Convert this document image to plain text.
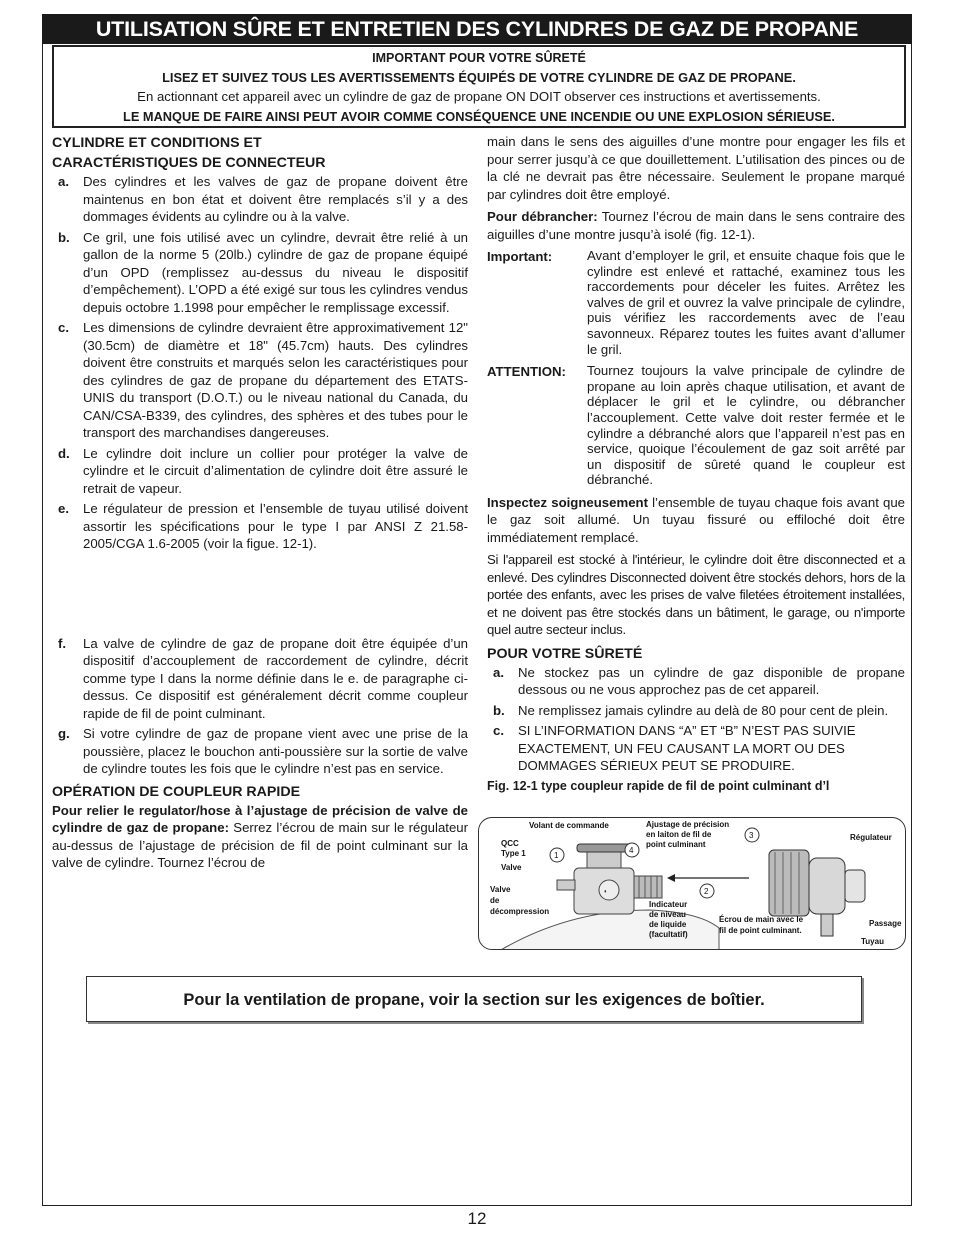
UTILISATION SÛRE ET ENTRETIEN DES CYLINDRES DE GAZ DE PROPANE
IMPORTANT POUR VOTRE SÛRETÉ
LISEZ ET SUIVEZ TOUS LES AVERTISSEMENTS ÉQUIPÉS DE VOTRE CYLINDRE DE GAZ DE PROPANE.
En actionnant cet appareil avec un cylindre de gaz de propane ON DOIT observer ces instructions et avertissements.
LE MANQUE DE FAIRE AINSI PEUT AVOIR COMME CONSÉQUENCE UNE INCENDIE OU UNE EXPLOSION SÉRIEUSE.
CYLINDRE ET CONDITIONS ET
CARACTÉRISTIQUES DE CONNECTEUR
a.	Des cylindres et les valves de gaz de propane doivent être maintenus en bon état et doivent être remplacés s’il y a des dommages évidents au cylindre ou à la valve.
b.	Ce gril, une fois utilisé avec un cylindre, devrait être relié à un gallon de la norme 5 (20lb.) cylindre de gaz de propane équipé d’un OPD (remplissez au-dessus du niveau le dispositif d’empêchement). L’OPD a été exigé sur tous les cylindres vendus depuis octobre 1.1998 pour empêcher le remplissage excessif.
c.	Les dimensions de cylindre devraient être approximativement 12"(30.5cm) de diamètre et 18" (45.7cm) hauts. Des cylindres doivent être construits et marqués selon les caractéristiques pour des cylindres de gaz de propane du département des ETATS-UNIS du transport (D.O.T.) ou le niveau national du Canada, du CAN/CSA-B339, des cylindres, des sphères et des tubes pour le transport des marchandises dangereuses.
d.	Le cylindre doit inclure un collier pour protéger la valve de cylindre et le circuit d’alimentation de cylindre doit être assuré le retrait de vapeur.
e.	Le régulateur de pression et l’ensemble de tuyau utilisé doivent assortir les spécifications pour le type I par ANSI Z 21.58-2005/CGA 1.6-2005 (voir la figue. 12-1).
f.	La valve de cylindre de gaz de propane doit être équipée d’un dispositif d’accouplement de raccordement de cylindre, décrit comme type I dans la norme définie dans le e. de paragraphe ci-dessus. Ce dispositif est généralement décrit comme coupleur rapide de fil de point culminant.
g.	Si votre cylindre de gaz de propane vient avec une prise de la poussière, placez le bouchon anti-poussière sur la sortie de valve de cylindre toutes les fois que le cylindre n’est pas en service.
OPÉRATION DE COUPLEUR RAPIDE
Pour relier le regulator/hose à l’ajustage de précision de valve de cylindre de gaz de propane: Serrez l’écrou de main sur le régulateur au-dessus de l’ajustage de précision de fil de point culminant sur la valve de cylindre. Tournez l’écrou de
main dans le sens des aiguilles d’une montre pour engager les fils et pour serrer jusqu’à ce que douillettement. L’utilisation des pinces ou de la clé ne devrait pas être nécessaire. Seulement le propane marqué par cylindres doit être employé.
Pour débrancher: Tournez l’écrou de main dans le sens contraire des aiguilles d’une montre jusqu’à isolé (fig. 12-1).
Important:	Avant d’employer le gril, et ensuite chaque fois que le cylindre est enlevé et rattaché, examinez tous les raccordements pour déceler les fuites. Arrêtez les valves de gril et ouvrez la valve principale de cylindre, puis vérifiez les raccordements avec de l’eau savonneux. Réparez toutes les fuites avant d’allumer le gril.
ATTENTION:	Tournez toujours la valve principale de cylindre de propane au loin après chaque utilisation, et avant de déplacer le gril et le cylindre, ou débrancher l’accouplement. Cette valve doit rester fermée et le cylindre a débranché alors que l’appareil n’est pas en service, quoique l’écoulement de gaz soit arrêté par un dispositif de sûreté quand le coupleur est débranché.
Inspectez soigneusement l’ensemble de tuyau chaque fois avant que le gaz soit allumé. Un tuyau fissuré ou effiloché doit être immédiatement remplacé.
Si l'appareil est stocké à l'intérieur, le cylindre doit être disconnected et a enlevé. Des cylindres Disconnected doivent être stockés dehors, hors de la portée des enfants, avec les prises de valve filetées étroitement installées, et ne doivent pas être stockés dans un bâtiment, le garage, ou n'importe quel autre secteur inclus.
POUR VOTRE SÛRETÉ
a.	Ne stockez pas un cylindre de gaz disponible de propane dessous ou ne vous approchez pas de cet appareil.
b.	Ne remplissez jamais cylindre au delà de 80 pour cent de plein.
c.	SI L’INFORMATION DANS “A” ET “B” N’EST PAS SUIVIE EXACTEMENT, UN FEU CAUSANT LA MORT OU DES DOMMAGES SÉRIEUX PEUT SE PRODUIRE.
Fig. 12-1 type coupleur rapide de fil de point culminant d’l
◐
1
2
3
4
Volant de commande	Ajustage de précision
en laiton de fil de
point culminant
QCC
Type 1
Valve
Valve
de
décompression
Indicateur
de niveau
de liquide
(facultatif)
Écrou de main avec le
fil de point culminant.
Régulateur
Passage
Tuyau
Pour la ventilation de propane, voir la section sur les exigences de boîtier.
12
